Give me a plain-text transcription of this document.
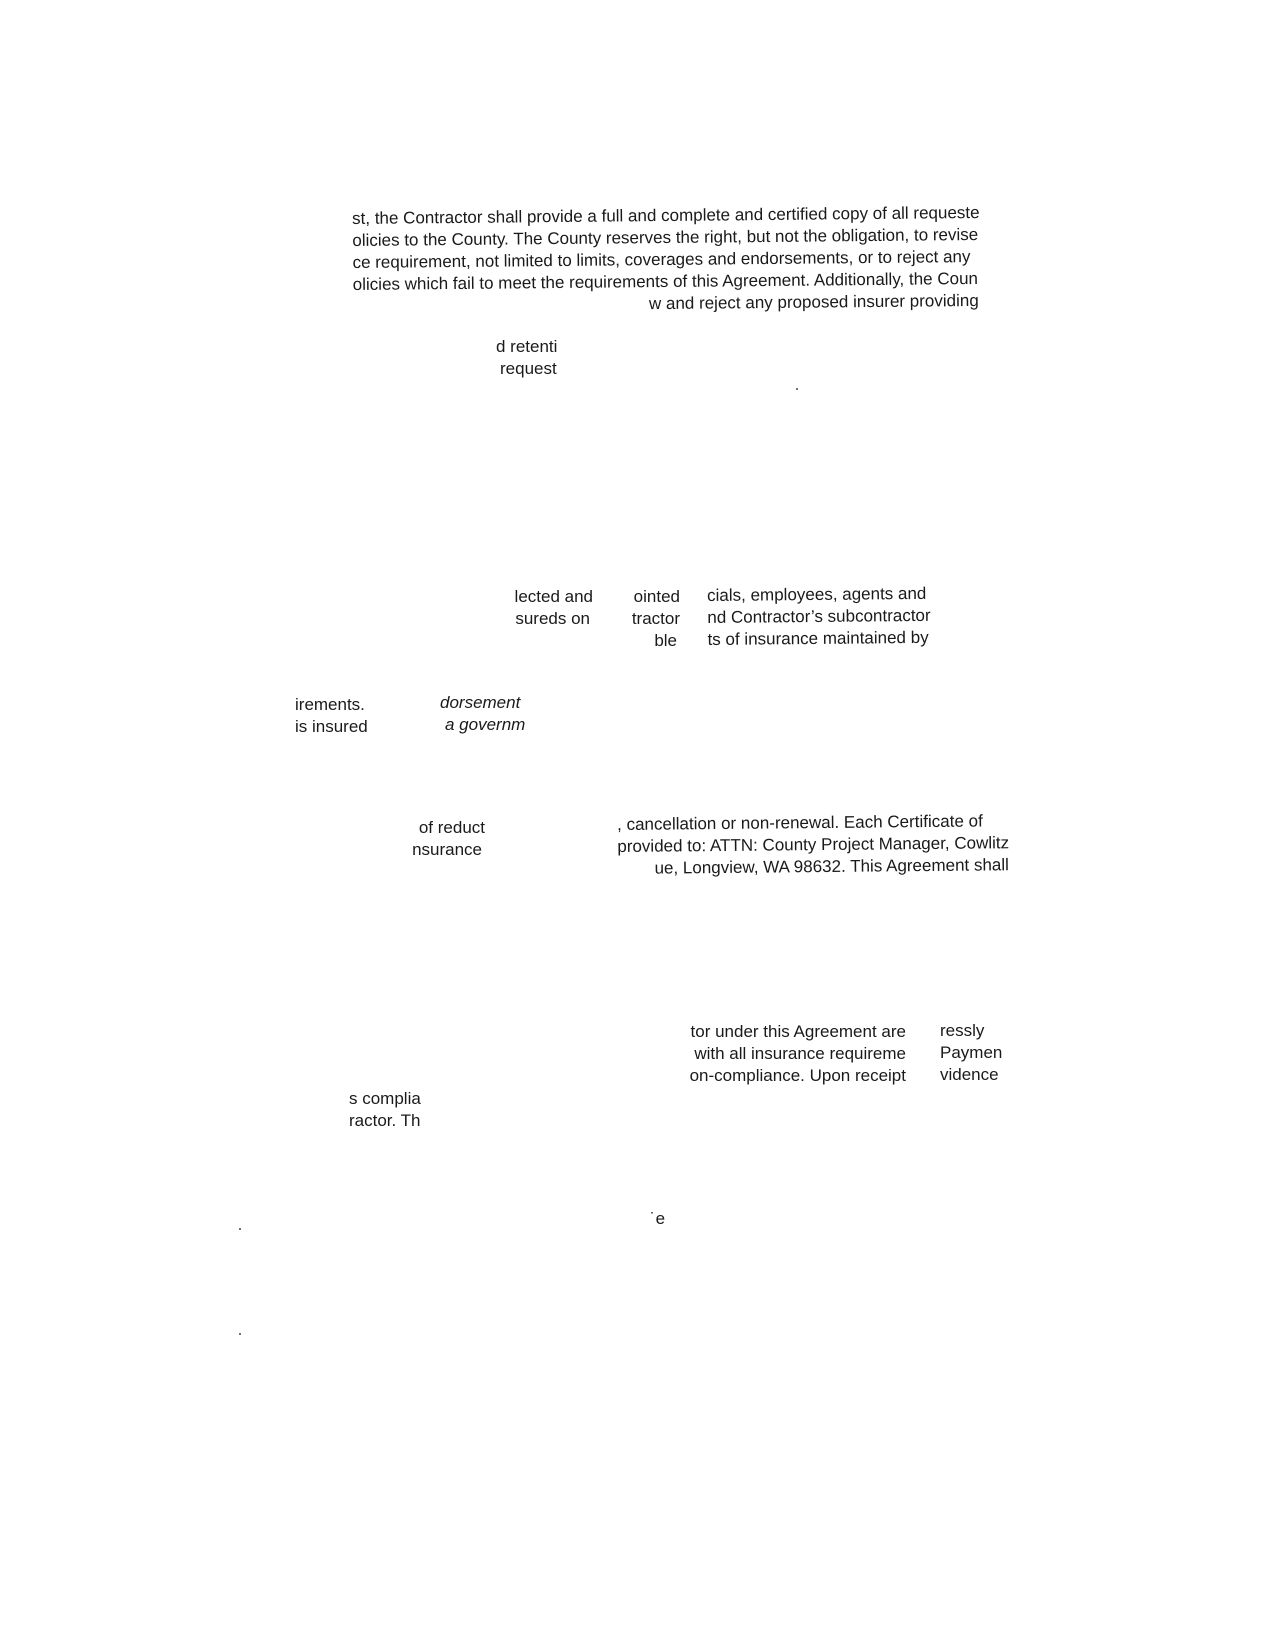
st, the Contractor shall provide a full and complete and certified copy of all requeste
olicies to the County. The County reserves the right, but not the obligation, to revise
ce requirement, not limited to limits, coverages and endorsements, or to reject any
olicies which fail to meet the requirements of this Agreement. Additionally, the Coun
w and reject any proposed insurer providing
d retenti
request
lected and
sureds on
ointed
tractor
ble
cials, employees, agents and
nd Contractor’s subcontractor
ts of insurance maintained by
irements.
is insured
dorsement
a governm
of reduct
nsurance
, cancellation or non-renewal. Each Certificate of
provided to: ATTN: County Project Manager, Cowlitz
ue, Longview, WA 98632. This Agreement shall
tor under this Agreement are
with all insurance requireme
on-compliance. Upon receipt
ressly
Paymen
vidence
s complia
ractor. Th
˙e
